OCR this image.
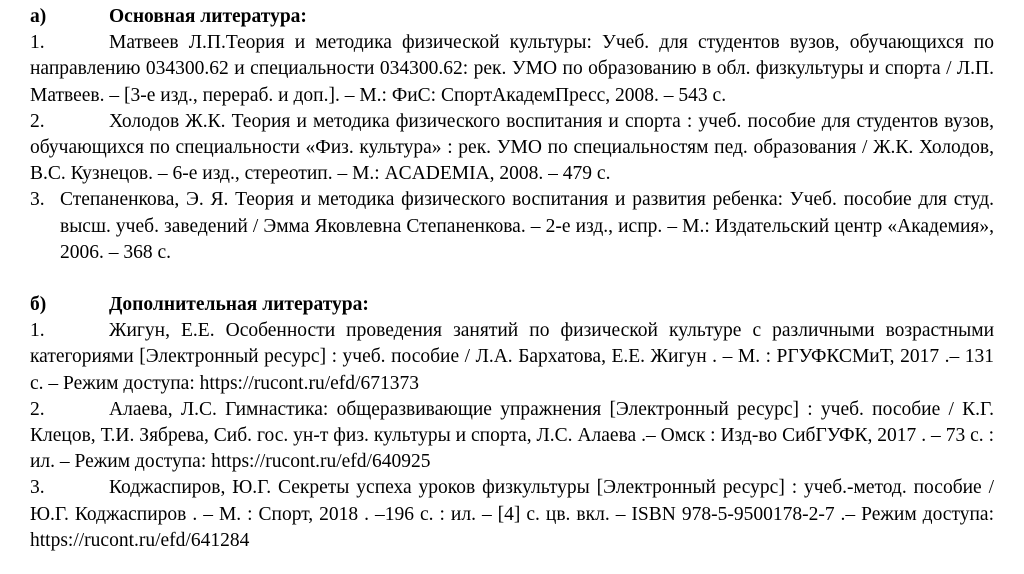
а)	Основная литература:
1.	Матвеев Л.П.Теория и методика физической культуры: Учеб. для студентов вузов, обучающихся по направлению 034300.62 и специальности 034300.62: рек. УМО по образованию в обл. физкультуры и спорта / Л.П. Матвеев. – [3-е изд., перераб. и доп.]. – М.: ФиС: СпортАкадемПресс, 2008. – 543 с.
2.	Холодов Ж.К. Теория и методика физического воспитания и спорта : учеб. пособие для студентов вузов, обучающихся по специальности «Физ. культура» : рек. УМО по специальностям пед. образования / Ж.К. Холодов, В.С. Кузнецов. – 6-е изд., стереотип. – М.: ACADEMIA, 2008. – 479 с.
3. Степаненкова, Э. Я. Теория и методика физического воспитания и развития ребенка: Учеб. пособие для студ. высш. учеб. заведений / Эмма Яковлевна Степаненкова. – 2-е изд., испр. – М.: Издательский центр «Академия», 2006. – 368 с.
б)	Дополнительная литература:
1.	Жигун, Е.Е. Особенности проведения занятий по физической культуре с различными возрастными категориями [Электронный ресурс] : учеб. пособие / Л.А. Бархатова, Е.Е. Жигун . – М. : РГУФКСМиТ, 2017 .– 131 с. – Режим доступа: https://rucont.ru/efd/671373
2.	Алаева, Л.С. Гимнастика: общеразвивающие упражнения [Электронный ресурс] : учеб. пособие / К.Г. Клецов, Т.И. Зябрева, Сиб. гос. ун-т физ. культуры и спорта, Л.С. Алаева .– Омск : Изд-во СибГУФК, 2017 . – 73 с. : ил. – Режим доступа: https://rucont.ru/efd/640925
3.	Коджаспиров, Ю.Г. Секреты успеха уроков физкультуры [Электронный ресурс] : учеб.-метод. пособие / Ю.Г. Коджаспиров . – М. : Спорт, 2018 . –196 с. : ил. – [4] с. цв. вкл. – ISBN 978-5-9500178-2-7 .– Режим доступа: https://rucont.ru/efd/641284
